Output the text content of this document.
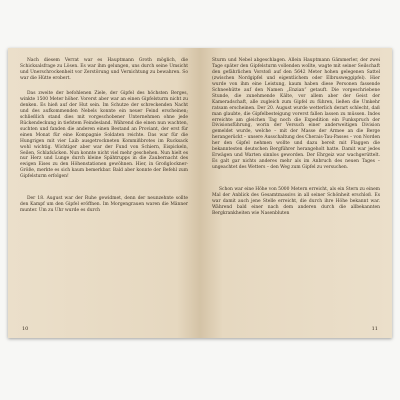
Nach diesem Verrat war es Hauptmann Groth möglich, die Schicksalsfrage zu Lösen. Es war ihm gelungen, uns durch seine Umsicht und Unerschrockenheit vor Zerstörung und Vernichtung zu bewahren. So war die Hütte erobert.

Das zweite der befohlenen Ziele, der Gipfel des höchsten Berges, winkte 1500 Meter höher. Vorerst aber war an einen Gipfelsturm nicht zu denken. Es hieß auf der Hut sein. Im Schutze der schreckenden Nacht und des aufkommenden Nebels konnte ein neuer Feind erscheinen; schließlich stand dies mit vorgeschobener Unternehmen ohne jede Rückendeckung in tiefstem Feindesland. Während die einen nun wachten, suchten und fanden die anderen einen Bestand an Proviant, der erst für einen Monat für eine Kompagnie Soldaten reichte. Das war für die Hungrigen mit vier Laib ausgetrockneten Kommißbrotes im Rucksack wohl wichtig. Wichtiger aber war der Fund von Schiern, Eispickeln, Seilen, Schlafsäcken. Nun konnte nicht viel mehr geschehen. Nun hielt es nur Herz und Lunge durch kleine Spähtrupps in die Zaubernacht des ewigen Eises zu den Höhenstationen gewöhnen. Hier, in Großglockner-Größe, merkte es sich kaum bemerkbar. Bald aber konnte der Befehl zum Gipfelsturm erfolgen!

Der 18. August war der Ruhe gewidmet, denn der neunzehnte sollte den Kampf um den Gipfel eröffnen. Im Morgengrauen waren die Männer munter. Um zu Uhr wurde es durch

10

Sturm und Nebel abgeschlagen. Allein Hauptmann Gämmerler, der zwei Tage später den Gipfelsturm vollenden wollte, wagte mit seiner Seilschaft den gefährlichen Vorstoß auf den 5642 Meter hohen gelegenen Sattel (zwischen Nordgipfel und eigentlichem oder Elbrusweggipfel). Hier wurde von ihm eine Leistung, kaum haben diese Personen fassende Schneehütte auf den Namen „Enzian“ getauft. Die vorgeschriebene Stunde, die zunehmende Kälte, vor allem aber der Geist der Kameradschaft, alle zugleich zum Gipfel zu führen, ließen die Umkehr ratsam erscheinen. Der 20. August wurde wetterlich derart schlecht, daß man glaubte, die Gipfelbesteigung vorerst fallen lassen zu müssen. Indes erreichte am gleichen Tag noch die Expedition ein Funkspruch der Divisionsführung, worin der Versuch einer anderweitigen Division gemeldet wurde, welche – mit der Masse der Armee an die Berge herangerückt – unsere Ausschaltung des Cherais-Tau-Passes – von Norden her den Gipfel nehmen wollte und dazu bereit mit Flaggen die bekanntesten deutschen Bergführer herangeholt hatte. Damit war jedes Erwägen und Warten sinnlos geworden. Der Ehrgeiz war wachgerüttelt. Es galt gar nichts anderes mehr als im Anbruch des neuen Tages – ungeachtet des Wetters – den Weg zum Gipfel zu versuchen.

Schon war eine Höhe von 5000 Metern erreicht, als ein Stern zu einem Mal der Anblick des Gesamtmassivs in all seiner Schönheit erschloß. Es war damit auch jene Stelle erreicht, die durch ihre Höhe bekannt war. Während bald einer nach dem anderen durch die allbekannten Bergkrankheiten wie Nasenbluten

11
